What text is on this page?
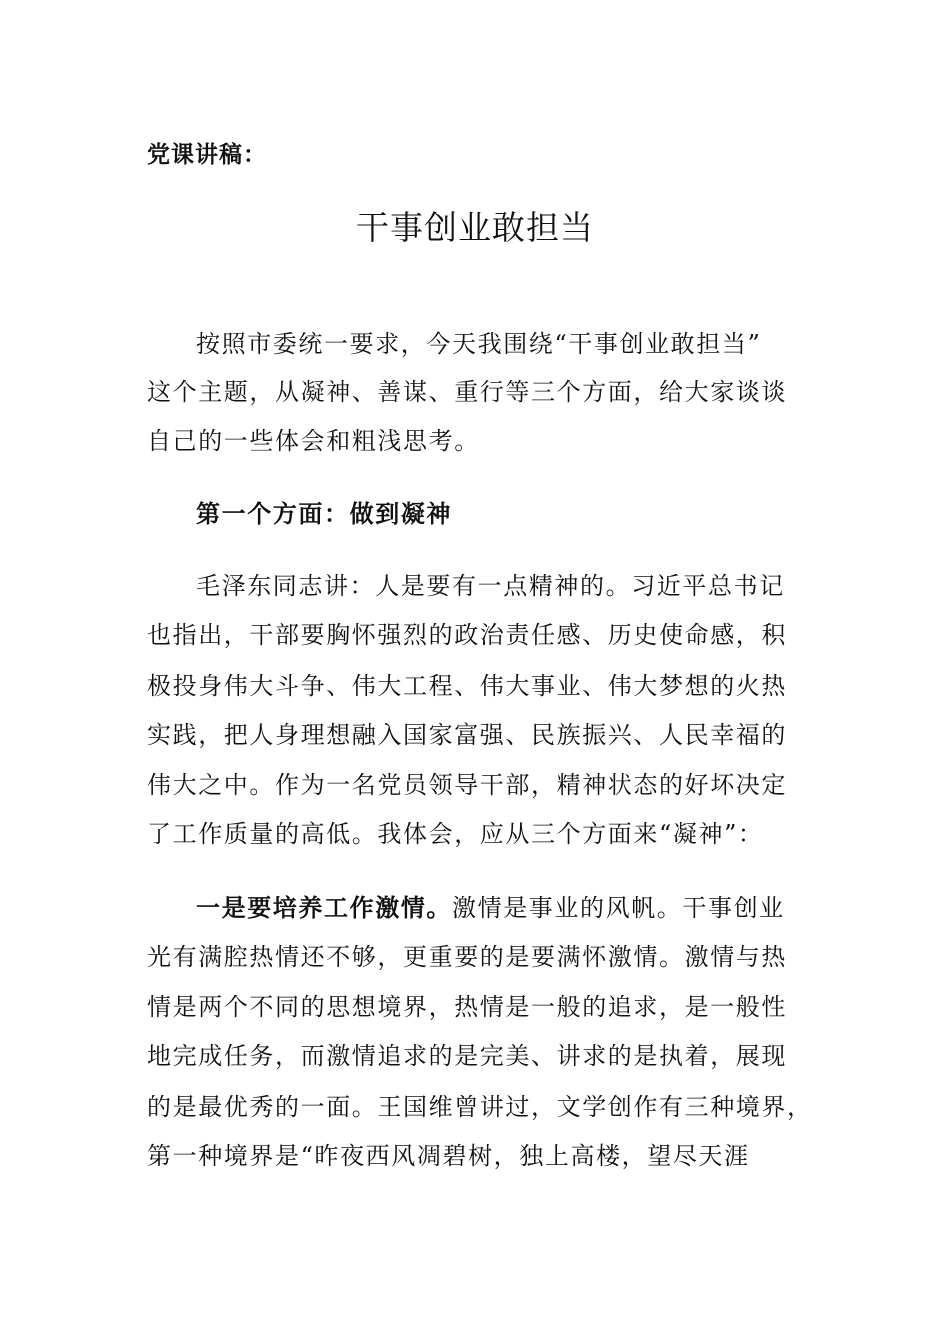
党课讲稿：
干事创业敢担当
按照市委统一要求，今天我围绕“干事创业敢担当”
这个主题，从凝神、善谋、重行等三个方面，给大家谈谈
自己的一些体会和粗浅思考。
第一个方面：做到凝神
毛泽东同志讲：人是要有一点精神的。习近平总书记
也指出，干部要胸怀强烈的政治责任感、历史使命感，积
极投身伟大斗争、伟大工程、伟大事业、伟大梦想的火热
实践，把人身理想融入国家富强、民族振兴、人民幸福的
伟大之中。作为一名党员领导干部，精神状态的好坏决定
了工作质量的高低。我体会，应从三个方面来“凝神”：
一是要培养工作激情。激情是事业的风帆。干事创业
光有满腔热情还不够，更重要的是要满怀激情。激情与热
情是两个不同的思想境界，热情是一般的追求，是一般性
地完成任务，而激情追求的是完美、讲求的是执着，展现
的是最优秀的一面。王国维曾讲过，文学创作有三种境界，
第一种境界是“昨夜西风凋碧树，独上高楼，望尽天涯
